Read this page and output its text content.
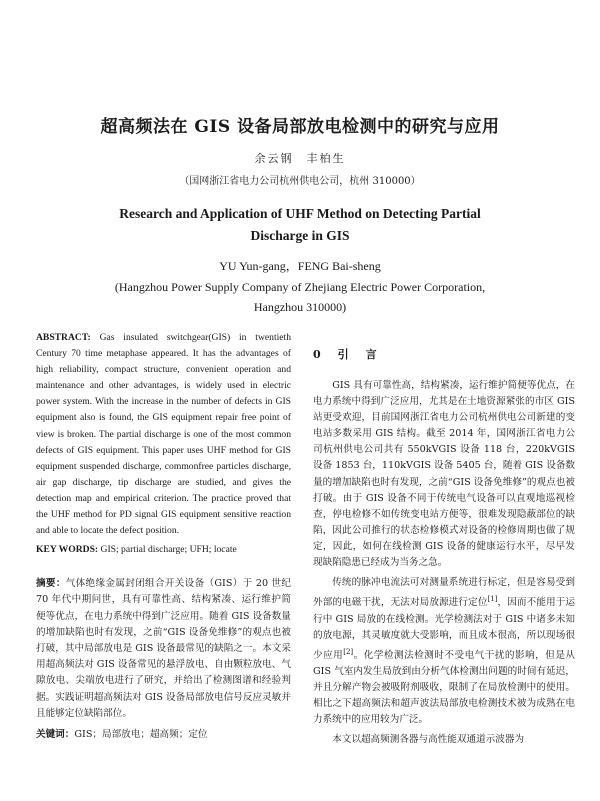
超高频法在 GIS 设备局部放电检测中的研究与应用
余云钢　丰柏生
（国网浙江省电力公司杭州供电公司，杭州 310000）
Research and Application of UHF Method on Detecting Partial Discharge in GIS
YU Yun-gang，FENG Bai-sheng
(Hangzhou Power Supply Company of Zhejiang Electric Power Corporation, Hangzhou 310000)

ABSTRACT: Gas insulated switchgear(GIS) in twentieth Century 70 time metaphase appeared. It has the advantages of high reliability, compact structure, convenient operation and maintenance and other advantages, is widely used in electric power system. With the increase in the number of defects in GIS equipment also is found, the GIS equipment repair free point of view is broken. The partial discharge is one of the most common defects of GIS equipment. This paper uses UHF method for GIS equipment suspended discharge, commonfree particles discharge, air gap discharge, tip discharge are studied, and gives the detection map and empirical criterion. The practice proved that the UHF method for PD signal GIS equipment sensitive reaction and able to locate the defect position.

KEY WORDS: GIS; partial discharge; UFH; locate

摘要：气体绝缘金属封闭组合开关设备（GIS）于 20 世纪 70 年代中期问世，具有可靠性高、结构紧凑、运行维护简便等优点，在电力系统中得到广泛应用。随着 GIS 设备数量的增加缺陷也时有发现，之前“GIS 设备免维修”的观点也被打破，其中局部放电是 GIS 设备最常见的缺陷之一。本文采用超高频法对 GIS 设备常见的悬浮放电、自由颗粒放电、气隙放电、尖端放电进行了研究，并给出了检测图谱和经验判据。实践证明超高频法对 GIS 设备局部放电信号反应灵敏并且能够定位缺陷部位。

关键词：GIS；局部放电；超高频；定位

0　引　言

GIS 具有可靠性高，结构紧凑，运行维护简便等优点，在电力系统中得到广泛应用，尤其是在土地资源紧张的市区 GIS 站更受欢迎，目前国网浙江省电力公司杭州供电公司新建的变电站多数采用 GIS 结构。截至 2014 年，国网浙江省电力公司杭州供电公司共有 550kVGIS 设备 118 台，220kVGIS 设备 1853 台，110kVGIS 设备 5405 台，随着 GIS 设备数量的增加缺陷也时有发现，之前“GIS 设备免维修”的观点也被打破。由于 GIS 设备不同于传统电气设备可以直观地巡视检查，停电检修不如传统变电站方便等，很难发现隐蔽部位的缺陷，因此公司推行的状态检修模式对设备的检修周期也做了规定，因此，如何在线检测 GIS 设备的健康运行水平，尽早发现缺陷隐患已经成为当务之急。

传统的脉冲电流法可对测量系统进行标定，但是容易受到外部的电磁干扰，无法对局放源进行定位[1]，因而不能用于运行中 GIS 局放的在线检测。光学检测法对于 GIS 中诸多未知的放电源，其灵敏度就大受影响，而且成本很高，所以现场很少应用[2]。化学检测法检测时不受电气干扰的影响，但是从 GIS 气室内发生局放到由分析气体检测出问题的时间有延迟，并且分解产物会被吸附剂吸收，限制了在局放检测中的使用。相比之下超高频法和超声波法局部放电检测技术被为成熟在电力系统中的应用较为广泛。

本文以超高频测各器与高性能双通道示波器为
